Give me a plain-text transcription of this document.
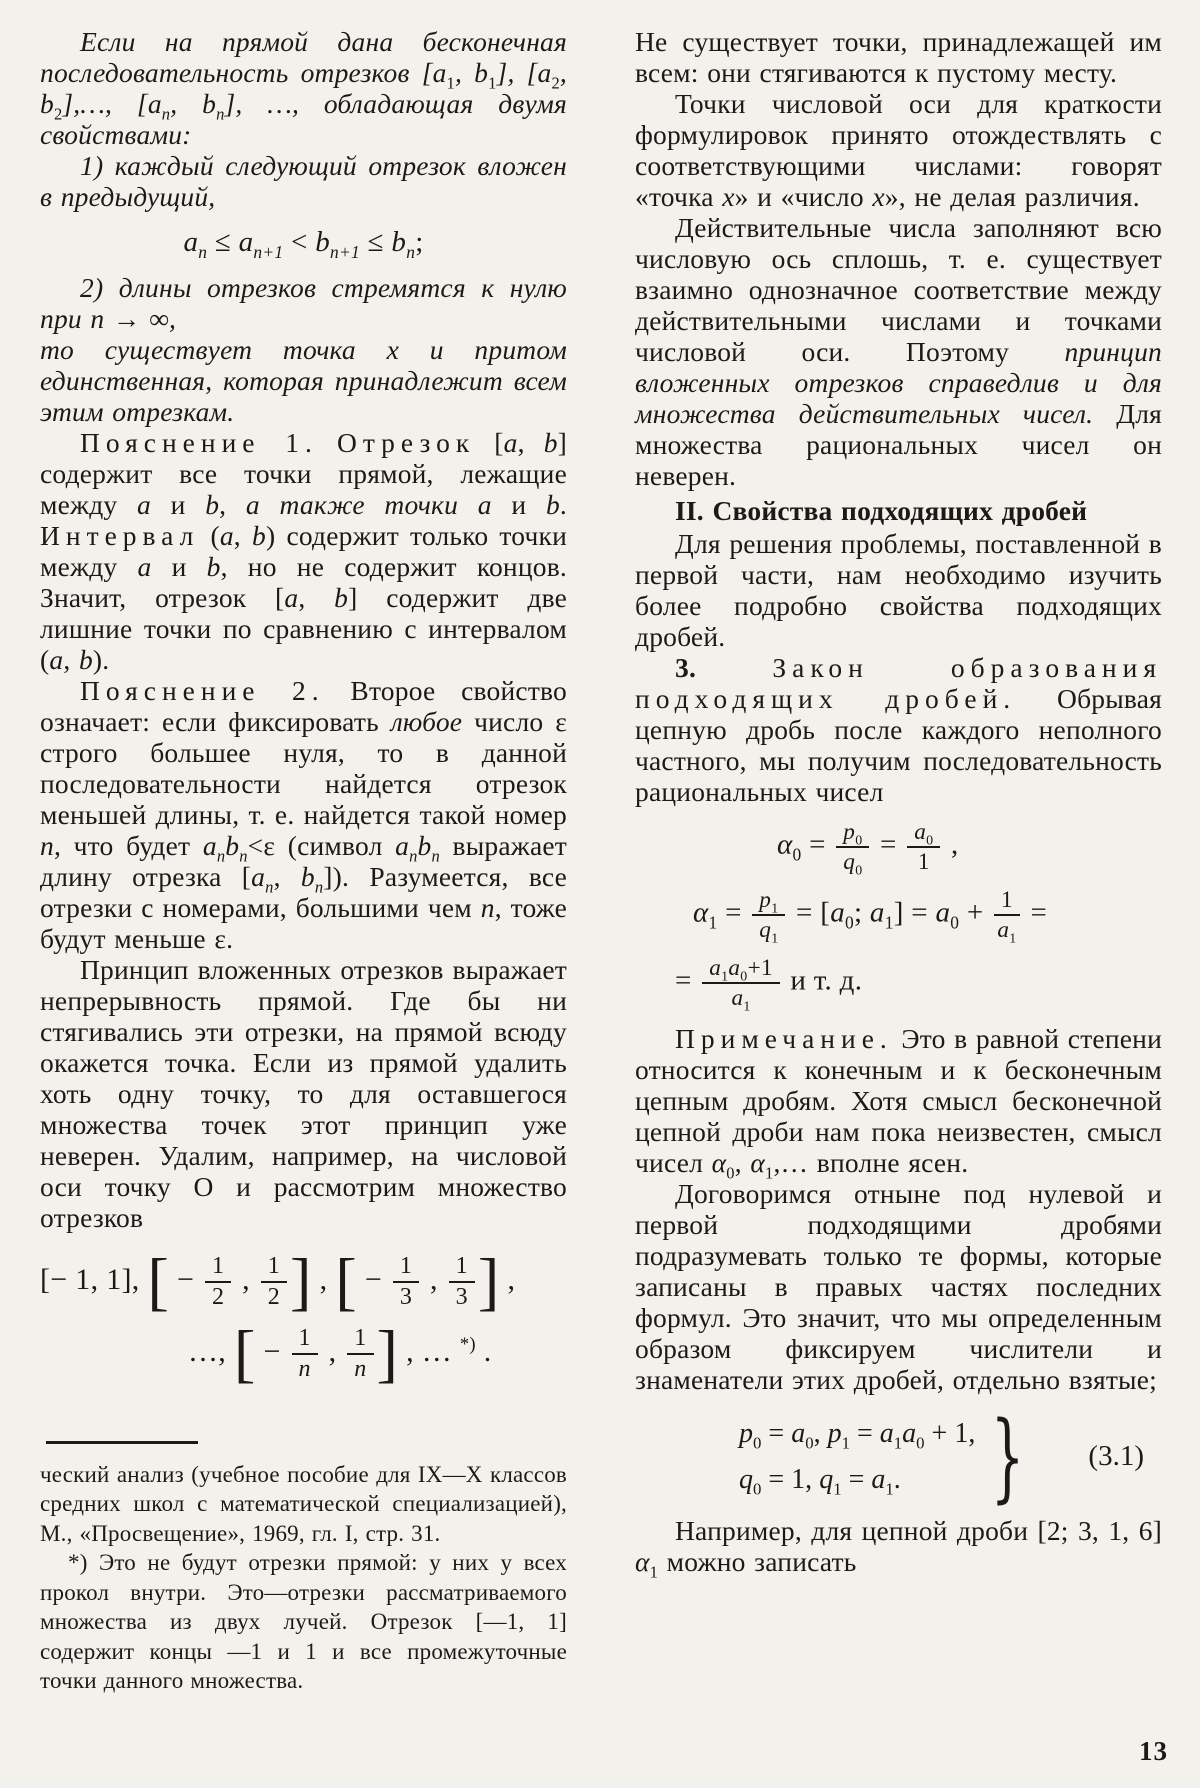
Если на прямой дана бесконечная последовательность отрезков [$a_1$, $b_1$], [$a_2$, $b_2],\dots$, [$a_n$, $b_n$], …, обладающая двумя свойствами:

1) каждый следующий отрезок вложен в предыдущий,

$a_n \le a_{n+1} < b_{n+1} \le b_n$;

2) длины отрезков стремятся к нулю при n → ∞,

то существует точка x и притом единственная, которая принадлежит всем этим отрезкам.

Пояснение 1. Отрезок [a, b] содержит все точки прямой, лежащие между a и b, а также точки a и b. Интервал (a, b) содержит только точки между a и b, но не содержит концов. Значит, отрезок [a, b] содержит две лишние точки по сравнению с интервалом (a, b).

Пояснение 2. Второе свойство означает: если фиксировать любое число ε строго большее нуля, то в данной последовательности найдется отрезок меньшей длины, т. е. найдется такой номер n, что будет $a_nb_n<\varepsilon$ (символ $a_nb_n$ выражает длину отрезка [$a_n$, $b_n$]). Разумеется, все отрезки с номерами, большими чем n, тоже будут меньше ε.

Принцип вложенных отрезков выражает непрерывность прямой. Где бы ни стягивались эти отрезки, на прямой всюду окажется точка. Если из прямой удалить хоть одну точку, то для оставшегося множества точек этот принцип уже неверен. Удалим, например, на числовой оси точку O и рассмотрим множество отрезков

[− 1, 1], [ − $\frac{1}{2}$ , $\frac{1}{2}$ ] , [ − $\frac{1}{3}$ , $\frac{1}{3}$ ] ,
…, [ − $\frac{1}{n}$ , $\frac{1}{n}$ ] , … *) .

ческий анализ (учебное пособие для IX—X классов средних школ с математической специализацией), М., «Просвещение», 1969, гл. I, стр. 31.

*) Это не будут отрезки прямой: у них у всех прокол внутри. Это—отрезки рассматриваемого множества из двух лучей. Отрезок [—1, 1] содержит концы —1 и 1 и все промежуточные точки данного множества.

Не существует точки, принадлежащей им всем: они стягиваются к пустому месту.

Точки числовой оси для краткости формулировок принято отождествлять с соответствующими числами: говорят «точка x» и «число x», не делая различия.

Действительные числа заполняют всю числовую ось сплошь, т. е. существует взаимно однозначное соответствие между действительными числами и точками числовой оси. Поэтому принцип вложенных отрезков справедлив и для множества действительных чисел. Для множества рациональных чисел он неверен.

II. Свойства подходящих дробей

Для решения проблемы, поставленной в первой части, нам необходимо изучить более подробно свойства подходящих дробей.

3.	Закон образования подходящих дробей. Обрывая цепную дробь после каждого неполного частного, мы получим последовательность рациональных чисел

$\alpha_0 = \frac{p_0}{q_0} = \frac{a_0}{1}$ ,
$\alpha_1 = \frac{p_1}{q_1} = [a_0$; $a_1] = a_0 + \frac{1}{a_1}$ =
= $\frac{a_1a_0+1}{a_1}$ и т. д.

Примечание. Это в равной степени относится к конечным и к бесконечным цепным дробям. Хотя смысл бесконечной цепной дроби нам пока неизвестен, смысл чисел $\alpha_0$, $\alpha_1,\dots$ вполне ясен.

Договоримся отныне под нулевой и первой подходящими дробями подразумевать только те формы, которые записаны в правых частях последних формул. Это значит, что мы определенным образом фиксируем числители и знаменатели этих дробей, отдельно взятые;

$p_0 = a_0$, $p_1 = a_1a_0 + 1$,
$q_0 = 1$, $q_1 = a_1$. } (3.1)

Например, для цепной дроби [2; 3, 1, 6] $\alpha_1$ можно записать

13
